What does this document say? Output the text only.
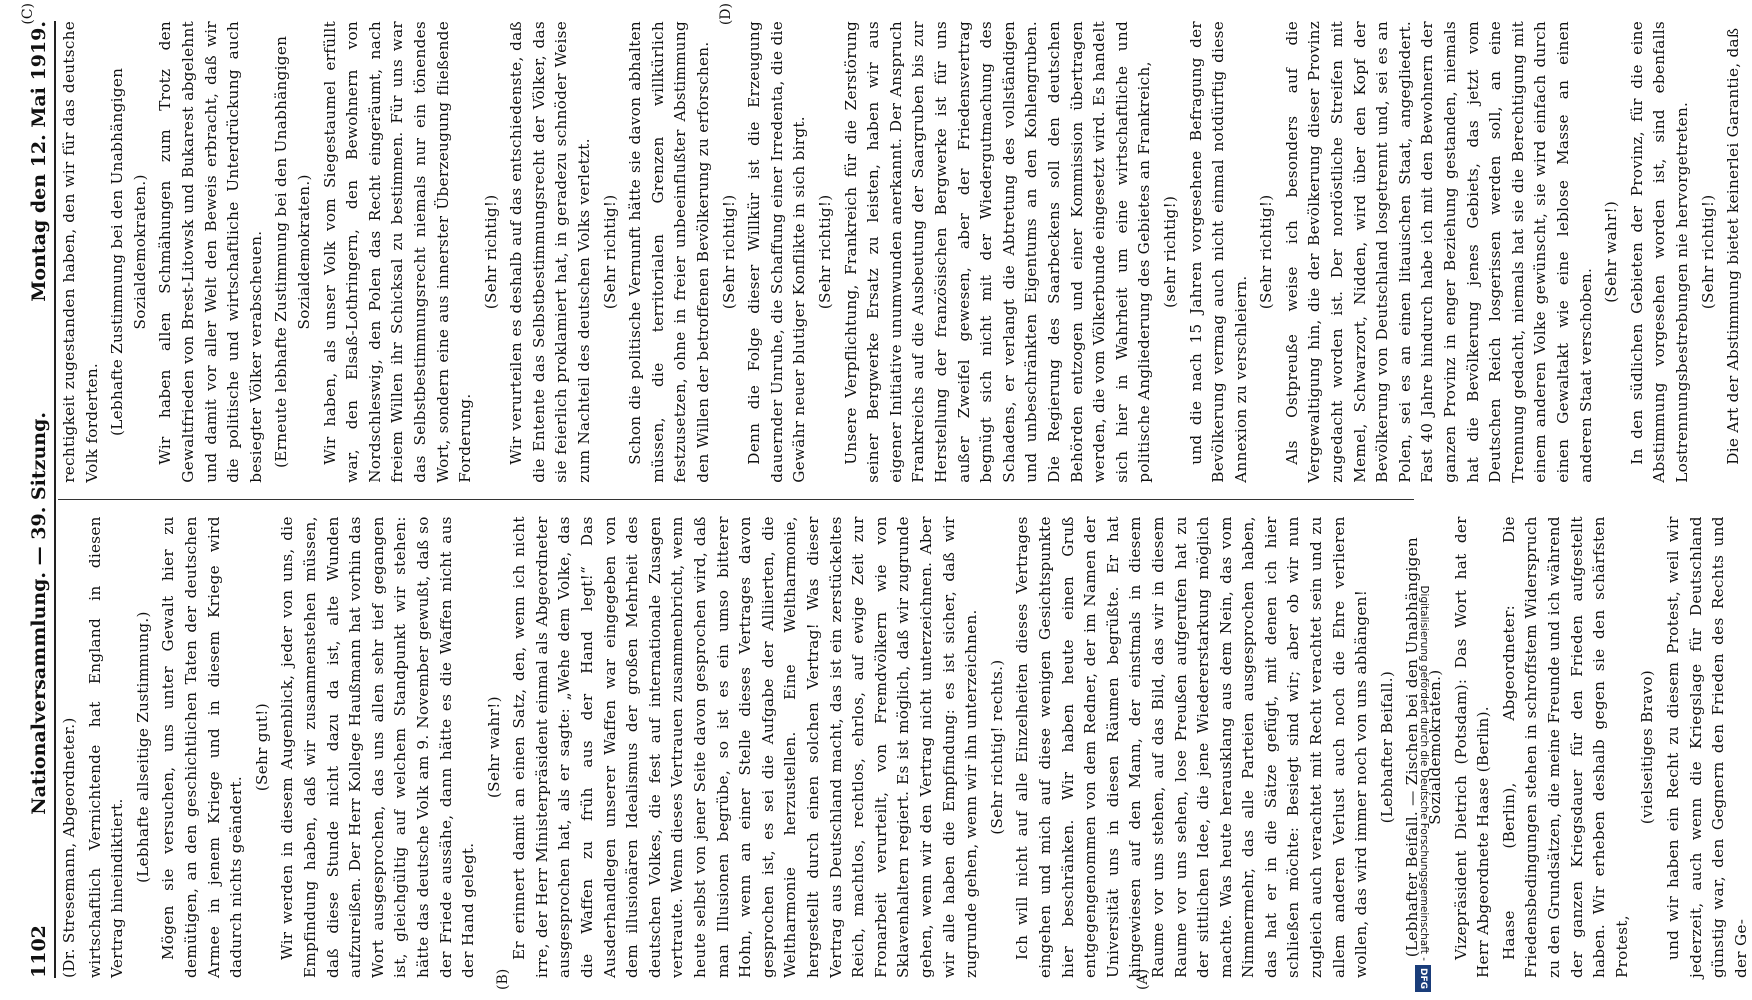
1102
Nationalversammlung. — 39. Sitzung.
Montag den 12. Mai 1919.

(Dr. Stresemann, Abgeordneter.) wirtschaftlich Vernichtende hat England in diesen Vertrag hineindiktiert.

(Lebhafte allseitige Zustimmung.) Mögen sie versuchen, uns unter Gewalt hier zu demütigen, an den geschichtlichen Taten der deutschen Armee in jenem Kriege und in diesem Kriege wird dadurch nichts geändert.

(Sehr gut!) Wir werden in diesem Augenblick, jeder von uns, die Empfindung haben, daß wir zusammenstehen müssen, daß diese Stunde nicht dazu da ist, alte Wunden aufzureißen. Der Herr Kollege Haußmann hat vorhin das Wort ausgesprochen, das uns allen sehr tief gegangen ist, gleichgültig auf welchem Standpunkt wir stehen: hätte das deutsche Volk am 9. November gewußt, daß so der Friede aussähe, dann hätte es die Waffen nicht aus der Hand gelegt.

(Sehr wahr!) Er erinnert damit an einen Satz, den, wenn ich nicht irre, der Herr Ministerpräsident einmal als Abgeordneter ausgesprochen hat, als er sagte: „Wehe dem Volke, das die Waffen zu früh aus der Hand legt!“ Das Ausderhandlegen unserer Waffen war eingegeben von dem illusionären Idealismus der großen Mehrheit des deutschen Volkes, die fest auf internationale Zusagen vertraute. Wenn dieses Vertrauen zusammenbricht, wenn heute selbst von jener Seite davon gesprochen wird, daß man Illusionen begrübe, so ist es ein umso bitterer Hohn, wenn an einer Stelle dieses Vertrages davon gesprochen ist, es sei die Aufgabe der Alliierten, die Weltharmonie herzustellen. Eine Weltharmonie, hergestellt durch einen solchen Vertrag! Was dieser Vertrag aus Deutschland macht, das ist ein zerstückeltes Reich, machtlos, rechtlos, ehrlos, auf ewige Zeit zur Fronarbeit verurteilt, von Fremdvölkern wie von Sklavenhaltern regiert. Es ist möglich, daß wir zugrunde gehen, wenn wir den Vertrag nicht unterzeichnen. Aber wir alle haben die Empfindung: es ist sicher, daß wir zugrunde gehen, wenn wir ihn unterzeichnen. (Sehr richtig! rechts.) Ich will nicht auf alle Einzelheiten dieses Vertrages eingehen und mich auf diese wenigen Gesichtspunkte hier beschränken. Wir haben heute einen Gruß entgegengenommen von dem Redner, der im Namen der Universität uns in diesen Räumen begrüßte. Er hat hingewiesen auf den Mann, der einstmals in diesem Raume vor uns stehen, auf das Bild, das wir in diesem Raume vor uns sehen, lose Preußen aufgerufen hat zu der sittlichen Idee, die jene Wiedererstarkung möglich machte. Was heute herausklang aus dem Nein, das vom Nimmermehr, das alle Parteien ausgesprochen haben, das hat er in die Sätze gefügt, mit denen ich hier schließen möchte: Besiegt sind wir; aber ob wir nun zugleich auch verachtet mit Recht verachtet sein und zu allem anderen Verlust auch noch die Ehre verlieren wollen, das wird immer noch von uns abhängen! (Lebhafter Beifall.) (Lebhafter Beifall. — Zischen bei den Unabhängigen Sozialdemokraten.) Vizepräsident Dietrich (Potsdam): Das Wort hat der Herr Abgeordnete Haase (Berlin). Haase (Berlin), Abgeordneter: Die Friedensbedingungen stehen in schroffstem Widerspruch zu den Grundsätzen, die meine Freunde und ich während der ganzen Kriegsdauer für den Frieden aufgestellt haben. Wir erheben deshalb gegen sie den schärfsten Protest,

(vielseitiges Bravo) und wir haben ein Recht zu diesem Protest, weil wir jederzeit, auch wenn die Kriegslage für Deutschland günstig war, den Gegnern den Frieden des Rechts und der Ge-

rechtigkeit zugestanden haben, den wir für das deutsche Volk forderten. (Lebhafte Zustimmung bei den Unabhängigen Sozialdemokraten.) Wir haben allen Schmähungen zum Trotz den Gewaltfrieden von Brest-Litowsk und Bukarest abgelehnt und damit vor aller Welt den Beweis erbracht, daß wir die politische und wirtschaftliche Unterdrückung auch besiegter Völker verabscheuen. (Erneute lebhafte Zustimmung bei den Unabhängigen Sozialdemokraten.) Wir haben, als unser Volk vom Siegestaumel erfüllt war, den Elsaß-Lothringern, den Bewohnern von Nordschleswig, den Polen das Recht eingeräumt, nach freiem Willen ihr Schicksal zu bestimmen. Für uns war das Selbstbestimmungsrecht niemals nur ein tönendes Wort, sondern eine aus innerster Überzeugung fließende Forderung.

(Sehr richtig!) Wir verurteilen es deshalb auf das entschiedenste, daß die Entente das Selbstbestimmungsrecht der Völker, das sie feierlich proklamiert hat, in geradezu schnöder Weise zum Nachteil des deutschen Volks verletzt. (Sehr richtig!) Schon die politische Vernunft hätte sie davon abhalten müssen, die territorialen Grenzen willkürlich festzusetzen, ohne in freier unbeeinflußter Abstimmung den Willen der betroffenen Bevölkerung zu erforschen. (Sehr richtig!) Denn die Folge dieser Willkür ist die Erzeugung dauernder Unruhe, die Schaffung einer Irredenta, die die Gewähr neuer blutiger Konflikte in sich birgt. (Sehr richtig!) Unsere Verpflichtung, Frankreich für die Zerstörung seiner Bergwerke Ersatz zu leisten, haben wir aus eigener Initiative unumwunden anerkannt. Der Anspruch Frankreichs auf die Ausbeutung der Saargruben bis zur Herstellung der französischen Bergwerke ist für uns außer Zweifel gewesen, aber der Friedensvertrag begnügt sich nicht mit der Wiedergutmachung des Schadens, er verlangt die Abtretung des vollständigen und unbeschränkten Eigentums an den Kohlengruben. Die Regierung des Saarbeckens soll den deutschen Behörden entzogen und einer Kommission übertragen werden, die vom Völkerbunde eingesetzt wird. Es handelt sich hier in Wahrheit um eine wirtschaftliche und politische Angliederung des Gebietes an Frankreich, (sehr richtig!) und die nach 15 Jahren vorgesehene Befragung der Bevölkerung vermag auch nicht einmal notdürftig diese Annexion zu verschleiern.

(Sehr richtig!) Als Ostpreuße weise ich besonders auf die Vergewaltigung hin, die der Bevölkerung dieser Provinz zugedacht worden ist. Der nordöstliche Streifen mit Memel, Schwarzort, Nidden, wird über den Kopf der Bevölkerung von Deutschland losgetrennt und, sei es an Polen, sei es an einen litauischen Staat, angegliedert. Fast 40 Jahre hindurch habe ich mit den Bewohnern der ganzen Provinz in enger Beziehung gestanden, niemals hat die Bevölkerung jenes Gebiets, das jetzt vom Deutschen Reich losgerissen werden soll, an eine Trennung gedacht, niemals hat sie die Berechtigung mit einem anderen Volke gewünscht, sie wird einfach durch einen Gewaltakt wie eine leblose Masse an einen anderen Staat verschoben.

(Sehr wahr!) In den südlichen Gebieten der Provinz, für die eine Abstimmung vorgesehen worden ist, sind ebenfalls Lostrennungsbestrebungen nie hervorgetreten. (Sehr richtig!) Die Art der Abstimmung bietet keinerlei Garantie, daß

(A)
(B)
(C)	(D)
Digitalisierung gefördert durch die Deutsche Forschungsgemeinschaft -DFG
